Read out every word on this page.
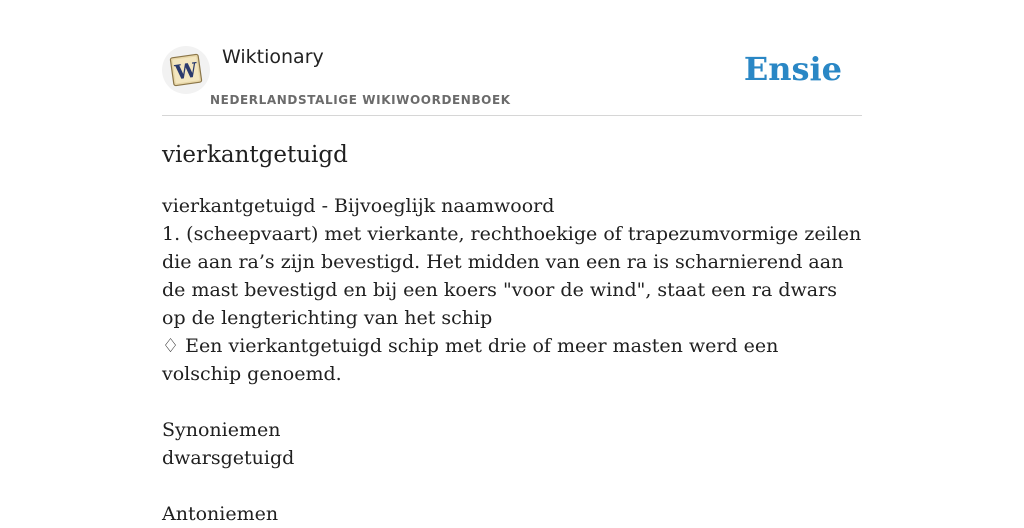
W
Wiktionary
NEDERLANDSTALIGE WIKIWOORDENBOEK
Ensie
vierkantgetuigd

vierkantgetuigd - Bijvoeglijk naamwoord

1. (scheepvaart) met vierkante, rechthoekige of trapezumvormige zeilen die aan ra’s zijn bevestigd. Het midden van een ra is scharnierend aan de mast bevestigd en bij een koers "voor de wind", staat een ra dwars op de lengterichting van het schip

♢ Een vierkantgetuigd schip met drie of meer masten werd een volschip genoemd.

Synoniemen

dwarsgetuigd

Antoniemen
